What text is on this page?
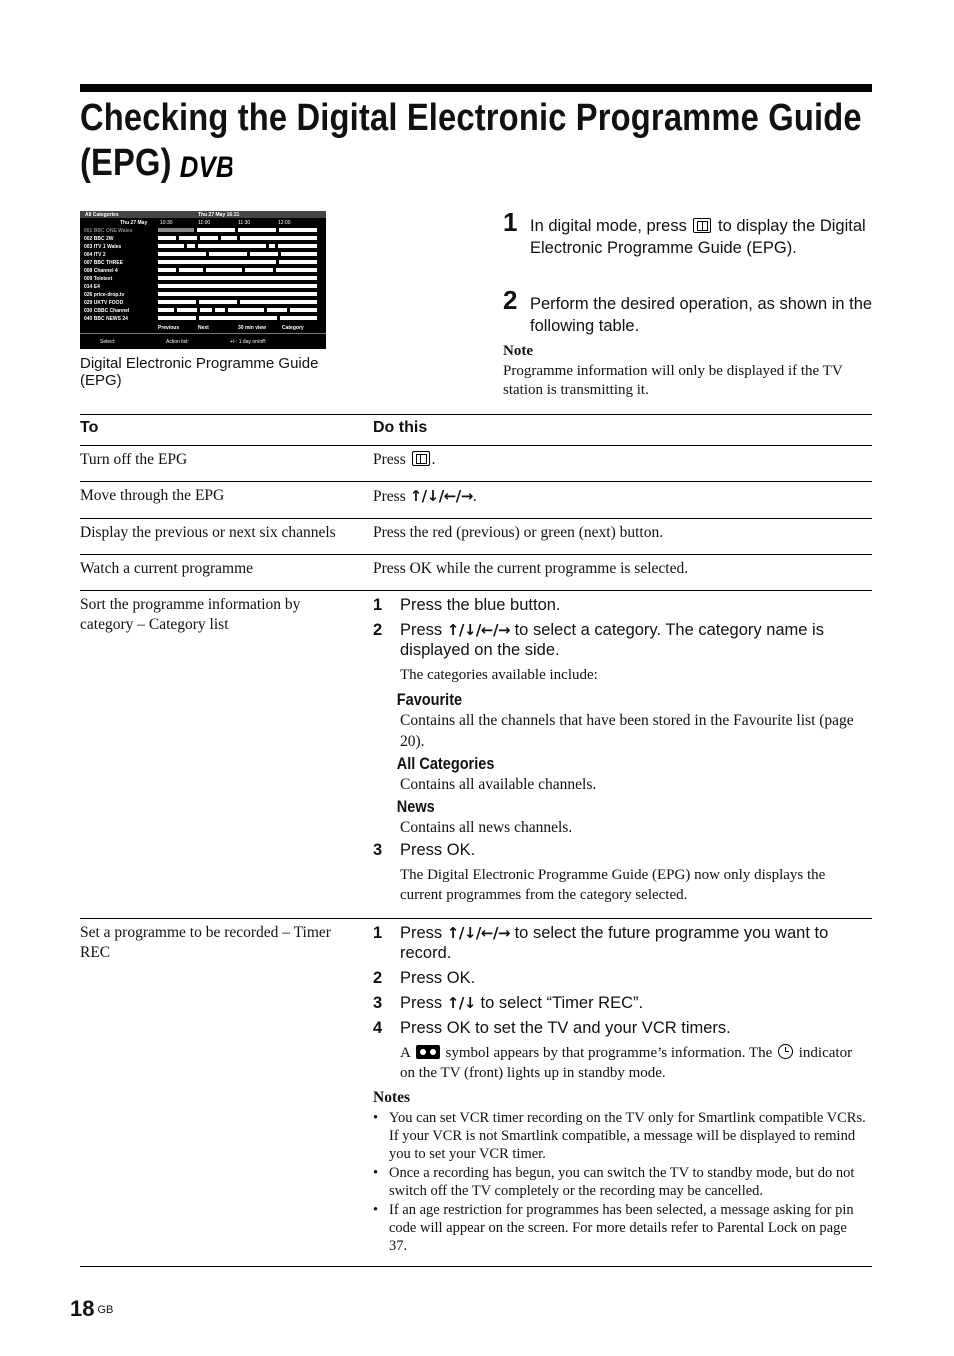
Checking the Digital Electronic Programme Guide
(EPG) DVB
All Categories	Thu 27 May 16:31
Thu 27 May	10:30	11:00	11:30	12:00
001 BBC ONE Wales
002 BBC 2W
003 ITV 1 Wales
004 ITV 2
007 BBC THREE
008 Channel 4
009 Teletext
014 E4
026 price-drop.tv
029 UKTV FOOD
030 CBBC Channel
040 BBC NEWS 24
Previous	Next	30 min view	Category
Select:	Action list:	+/-: 1 day on/off:
Digital Electronic Programme Guide (EPG)
1 In digital mode, press to display the Digital Electronic Programme Guide (EPG).
2 Perform the desired operation, as shown in the following table.
Note
Programme information will only be displayed if the TV station is transmitting it.
To	Do this
Turn off the EPG	Press .
Move through the EPG	Press ↑/↓/←/→.
Display the previous or next six channels	Press the red (previous) or green (next) button.
Watch a current programme	Press OK while the current programme is selected.
Sort the programme information by category – Category list
1 Press the blue button.
2 Press ↑/↓/←/→ to select a category. The category name is displayed on the side.
The categories available include:
Favourite
Contains all the channels that have been stored in the Favourite list (page 20).
All Categories
Contains all available channels.
News
Contains all news channels.
3 Press OK.
The Digital Electronic Programme Guide (EPG) now only displays the current programmes from the category selected.
Set a programme to be recorded – Timer REC
1 Press ↑/↓/←/→ to select the future programme you want to record.
2 Press OK.
3 Press ↑/↓ to select “Timer REC”.
4 Press OK to set the TV and your VCR timers.
A symbol appears by that programme’s information. The indicator on the TV (front) lights up in standby mode.
Notes
• You can set VCR timer recording on the TV only for Smartlink compatible VCRs. If your VCR is not Smartlink compatible, a message will be displayed to remind you to set your VCR timer.
• Once a recording has begun, you can switch the TV to standby mode, but do not switch off the TV completely or the recording may be cancelled.
• If an age restriction for programmes has been selected, a message asking for pin code will appear on the screen. For more details refer to Parental Lock on page 37.
18 GB
